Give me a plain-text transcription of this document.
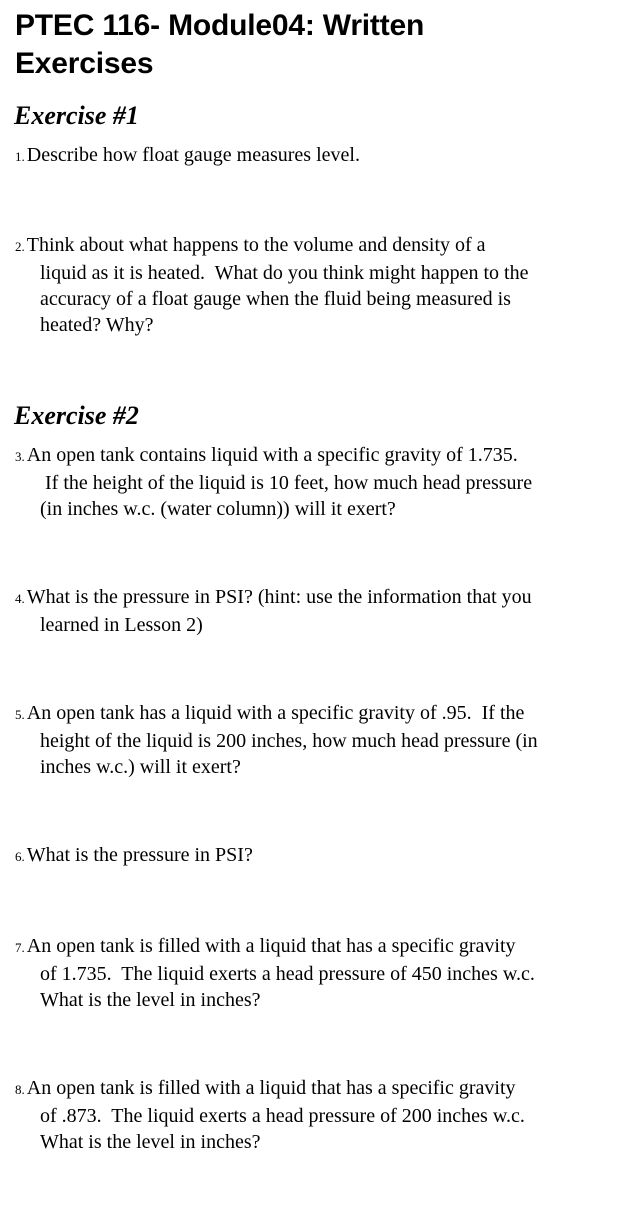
PTEC 116- Module04: Written
Exercises
Exercise #1
1. Describe how float gauge measures level.
2. Think about what happens to the volume and density of a
liquid as it is heated.  What do you think might happen to the
accuracy of a float gauge when the fluid being measured is
heated? Why?
Exercise #2
3. An open tank contains liquid with a specific gravity of 1.735.
If the height of the liquid is 10 feet, how much head pressure
(in inches w.c. (water column)) will it exert?
4. What is the pressure in PSI? (hint: use the information that you
learned in Lesson 2)
5. An open tank has a liquid with a specific gravity of .95.  If the
height of the liquid is 200 inches, how much head pressure (in
inches w.c.) will it exert?
6. What is the pressure in PSI?
7. An open tank is filled with a liquid that has a specific gravity
of 1.735.  The liquid exerts a head pressure of 450 inches w.c.
What is the level in inches?
8. An open tank is filled with a liquid that has a specific gravity
of .873.  The liquid exerts a head pressure of 200 inches w.c.
What is the level in inches?
